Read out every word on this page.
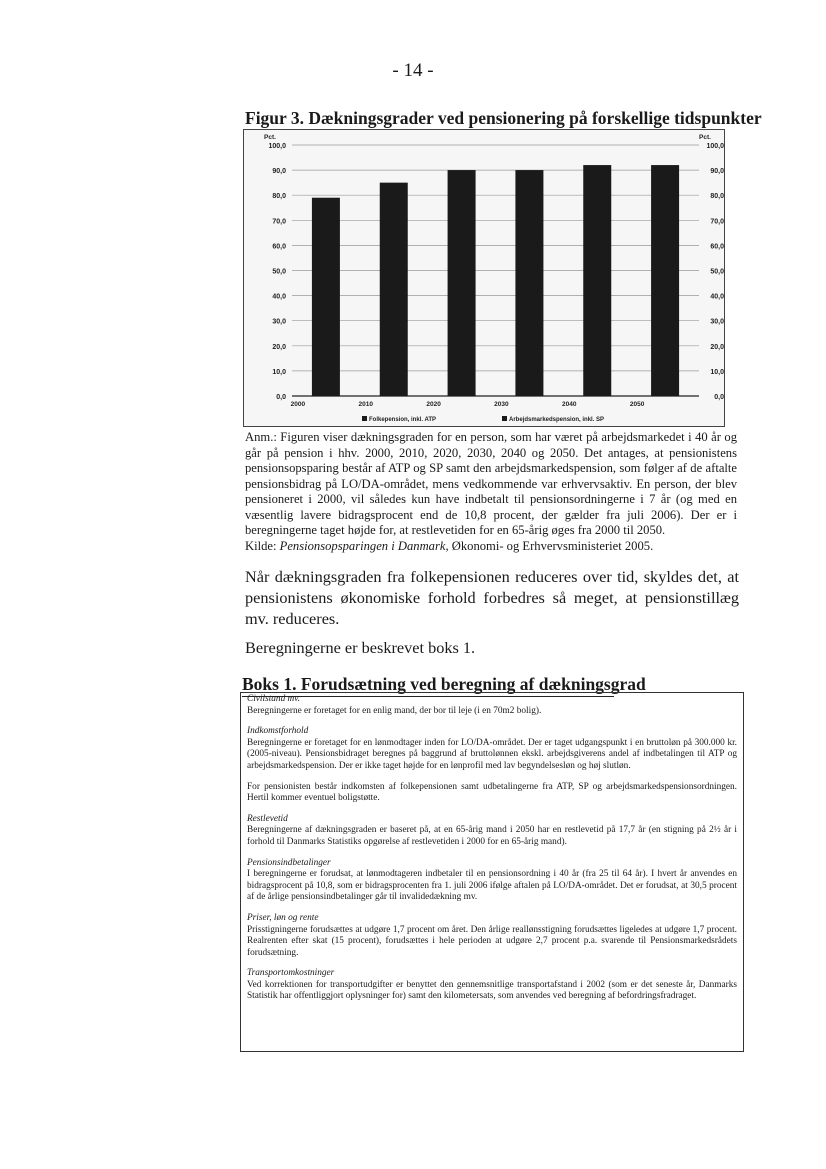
- 14 -
Figur 3. Dækningsgrader ved pensionering på forskellige tidspunkter
0,0	0,0
10,0	10,0
20,0	20,0
30,0	30,0
40,0	40,0
50,0	50,0
60,0	60,0
70,0	70,0
80,0	80,0
90,0	90,0
100,0	100,0
Pct.	Pct.
2000	2010	2020	2030	2040	2050
Folkepension, inkl. ATP	Arbejdsmarkedspension, inkl. SP
Anm.: Figuren viser dækningsgraden for en person, som har været på arbejdsmarkedet i 40 år og går på pension i hhv. 2000, 2010, 2020, 2030, 2040 og 2050. Det antages, at pensionistens pensionsopsparing består af ATP og SP samt den arbejdsmarkedspension, som følger af de aftalte pensionsbidrag på LO/DA-området, mens vedkommende var erhvervsaktiv. En person, der blev pensioneret i 2000, vil således kun have indbetalt til pensionsordningerne i 7 år (og med en væsentlig lavere bidragsprocent end de 10,8 procent, der gælder fra juli 2006). Der er i beregningerne taget højde for, at restlevetiden for en 65-årig øges fra 2000 til 2050.
Kilde: Pensionsopsparingen i Danmark, Økonomi- og Erhvervsministeriet 2005.
Når dækningsgraden fra folkepensionen reduceres over tid, skyldes det, at pensionistens økonomiske forhold forbedres så meget, at pensionstillæg mv. reduceres.
Beregningerne er beskrevet boks 1.
Boks 1. Forudsætning ved beregning af dækningsgrad
Civilstand mv.

Beregningerne er foretaget for en enlig mand, der bor til leje (i en 70m2 bolig).

Indkomstforhold

Beregningerne er foretaget for en lønmodtager inden for LO/DA-området. Der er taget udgangspunkt i en bruttoløn på 300.000 kr. (2005-niveau). Pensionsbidraget beregnes på baggrund af bruttolønnen ekskl. arbejdsgiverens andel af indbetalingen til ATP og arbejdsmarkedspension. Der er ikke taget højde for en lønprofil med lav begyndelsesløn og høj slutløn.

For pensionisten består indkomsten af folkepensionen samt udbetalingerne fra ATP, SP og arbejdsmarkedspensionsordningen. Hertil kommer eventuel boligstøtte.

Restlevetid

Beregningerne af dækningsgraden er baseret på, at en 65-årig mand i 2050 har en restlevetid på 17,7 år (en stigning på 2½ år i forhold til Danmarks Statistiks opgørelse af restlevetiden i 2000 for en 65-årig mand).

Pensionsindbetalinger

I beregningerne er forudsat, at lønmodtageren indbetaler til en pensionsordning i 40 år (fra 25 til 64 år). I hvert år anvendes en bidragsprocent på 10,8, som er bidragsprocenten fra 1. juli 2006 ifølge aftalen på LO/DA-området. Det er forudsat, at 30,5 procent af de årlige pensionsindbetalinger går til invalidedækning mv.

Priser, løn og rente

Prisstigningerne forudsættes at udgøre 1,7 procent om året. Den årlige reallønsstigning forudsættes ligeledes at udgøre 1,7 procent. Realrenten efter skat (15 procent), forudsættes i hele perioden at udgøre 2,7 procent p.a. svarende til Pensionsmarkedsrådets forudsætning.

Transportomkostninger

Ved korrektionen for transportudgifter er benyttet den gennemsnitlige transportafstand i 2002 (som er det seneste år, Danmarks Statistik har offentliggjort oplysninger for) samt den kilometersats, som anvendes ved beregning af befordringsfradraget.
